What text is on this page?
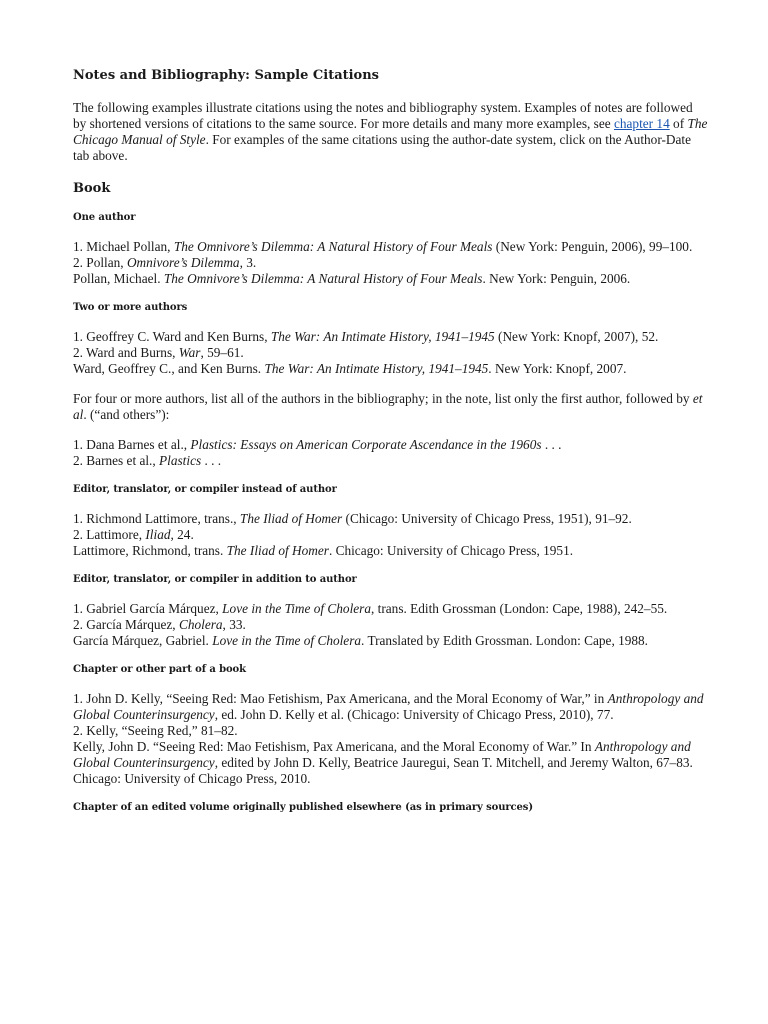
Notes and Bibliography: Sample Citations

The following examples illustrate citations using the notes and bibliography system. Examples of notes are followed by shortened versions of citations to the same source. For more details and many more examples, see chapter 14 of The Chicago Manual of Style. For examples of the same citations using the author-date system, click on the Author-Date tab above.

Book
One author
1. Michael Pollan, The Omnivore’s Dilemma: A Natural History of Four Meals (New York: Penguin, 2006), 99–100.
2. Pollan, Omnivore’s Dilemma, 3.
Pollan, Michael. The Omnivore’s Dilemma: A Natural History of Four Meals. New York: Penguin, 2006.
Two or more authors
1. Geoffrey C. Ward and Ken Burns, The War: An Intimate History, 1941–1945 (New York: Knopf, 2007), 52.
2. Ward and Burns, War, 59–61.
Ward, Geoffrey C., and Ken Burns. The War: An Intimate History, 1941–1945. New York: Knopf, 2007.

For four or more authors, list all of the authors in the bibliography; in the note, list only the first author, followed by et al. (“and others”):

1. Dana Barnes et al., Plastics: Essays on American Corporate Ascendance in the 1960s . . .
2. Barnes et al., Plastics . . .
Editor, translator, or compiler instead of author
1. Richmond Lattimore, trans., The Iliad of Homer (Chicago: University of Chicago Press, 1951), 91–92.
2. Lattimore, Iliad, 24.
Lattimore, Richmond, trans. The Iliad of Homer. Chicago: University of Chicago Press, 1951.
Editor, translator, or compiler in addition to author
1. Gabriel García Márquez, Love in the Time of Cholera, trans. Edith Grossman (London: Cape, 1988), 242–55.
2. García Márquez, Cholera, 33.
García Márquez, Gabriel. Love in the Time of Cholera. Translated by Edith Grossman. London: Cape, 1988.
Chapter or other part of a book
1. John D. Kelly, “Seeing Red: Mao Fetishism, Pax Americana, and the Moral Economy of War,” in Anthropology and Global Counterinsurgency, ed. John D. Kelly et al. (Chicago: University of Chicago Press, 2010), 77.
2. Kelly, “Seeing Red,” 81–82.
Kelly, John D. “Seeing Red: Mao Fetishism, Pax Americana, and the Moral Economy of War.” In Anthropology and Global Counterinsurgency, edited by John D. Kelly, Beatrice Jauregui, Sean T. Mitchell, and Jeremy Walton, 67–83. Chicago: University of Chicago Press, 2010.
Chapter of an edited volume originally published elsewhere (as in primary sources)
